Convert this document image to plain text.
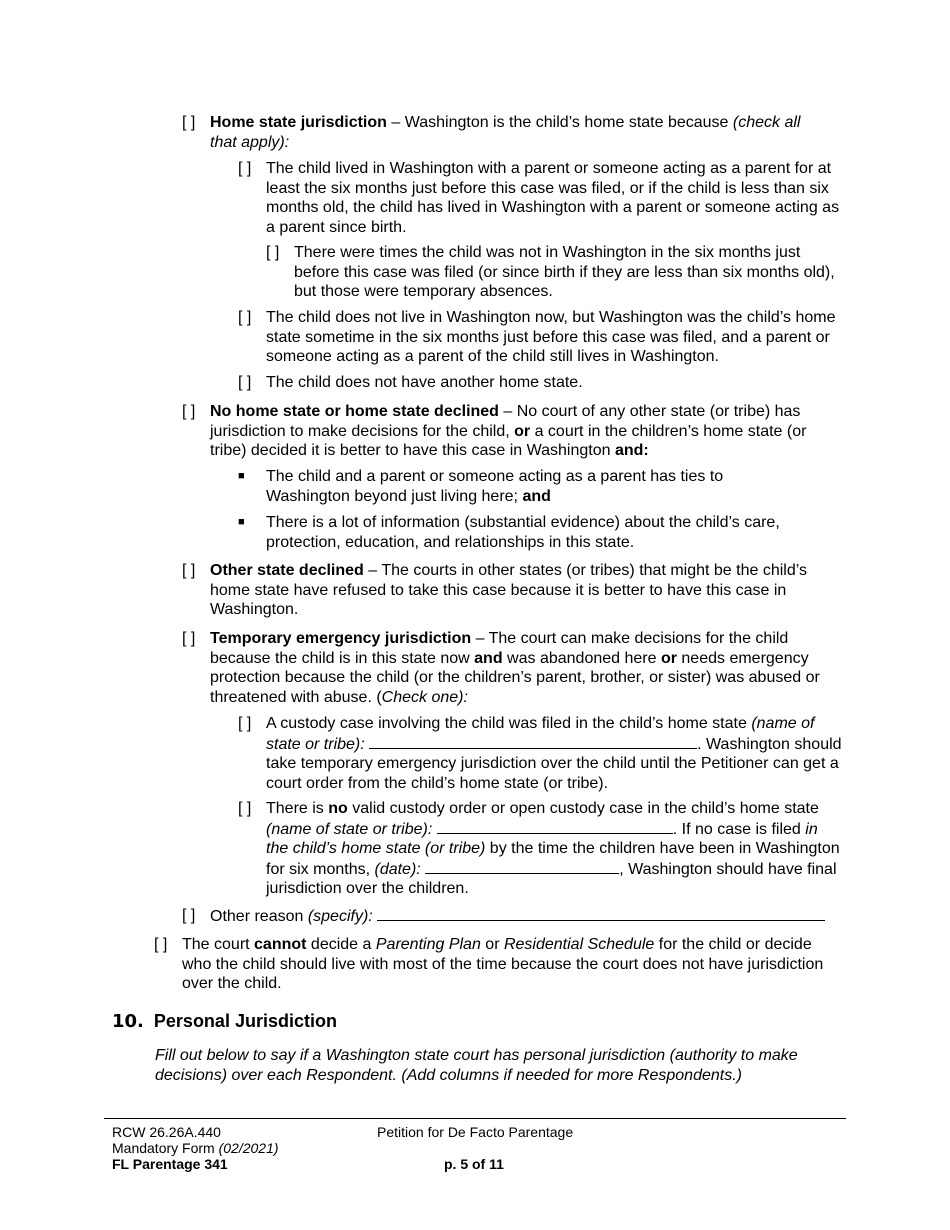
[ ] Home state jurisdiction – Washington is the child’s home state because (check all that apply):
[ ] The child lived in Washington with a parent or someone acting as a parent for at least the six months just before this case was filed, or if the child is less than six months old, the child has lived in Washington with a parent or someone acting as a parent since birth.
[ ] There were times the child was not in Washington in the six months just before this case was filed (or since birth if they are less than six months old), but those were temporary absences.
[ ] The child does not live in Washington now, but Washington was the child’s home state sometime in the six months just before this case was filed, and a parent or someone acting as a parent of the child still lives in Washington.
[ ] The child does not have another home state.
[ ] No home state or home state declined – No court of any other state (or tribe) has jurisdiction to make decisions for the child, or a court in the children’s home state (or tribe) decided it is better to have this case in Washington and:
■ The child and a parent or someone acting as a parent has ties to Washington beyond just living here; and
■ There is a lot of information (substantial evidence) about the child’s care, protection, education, and relationships in this state.
[ ] Other state declined – The courts in other states (or tribes) that might be the child’s home state have refused to take this case because it is better to have this case in Washington.
[ ] Temporary emergency jurisdiction – The court can make decisions for the child because the child is in this state now and was abandoned here or needs emergency protection because the child (or the children’s parent, brother, or sister) was abused or threatened with abuse. (Check one):
[ ] A custody case involving the child was filed in the child’s home state (name of state or tribe):	. Washington should take temporary emergency jurisdiction over the child until the Petitioner can get a court order from the child’s home state (or tribe).
[ ] There is no valid custody order or open custody case in the child’s home state (name of state or tribe):	. If no case is filed in the child’s home state (or tribe) by the time the children have been in Washington for six months, (date):	, Washington should have final jurisdiction over the children.
[ ] Other reason (specify):
[ ] The court cannot decide a Parenting Plan or Residential Schedule for the child or decide who the child should live with most of the time because the court does not have jurisdiction over the child.
10. Personal Jurisdiction
Fill out below to say if a Washington state court has personal jurisdiction (authority to make decisions) over each Respondent. (Add columns if needed for more Respondents.)
RCW 26.26A.440
Mandatory Form (02/2021)
FL Parentage 341
Petition for De Facto Parentage
p. 5 of 11
